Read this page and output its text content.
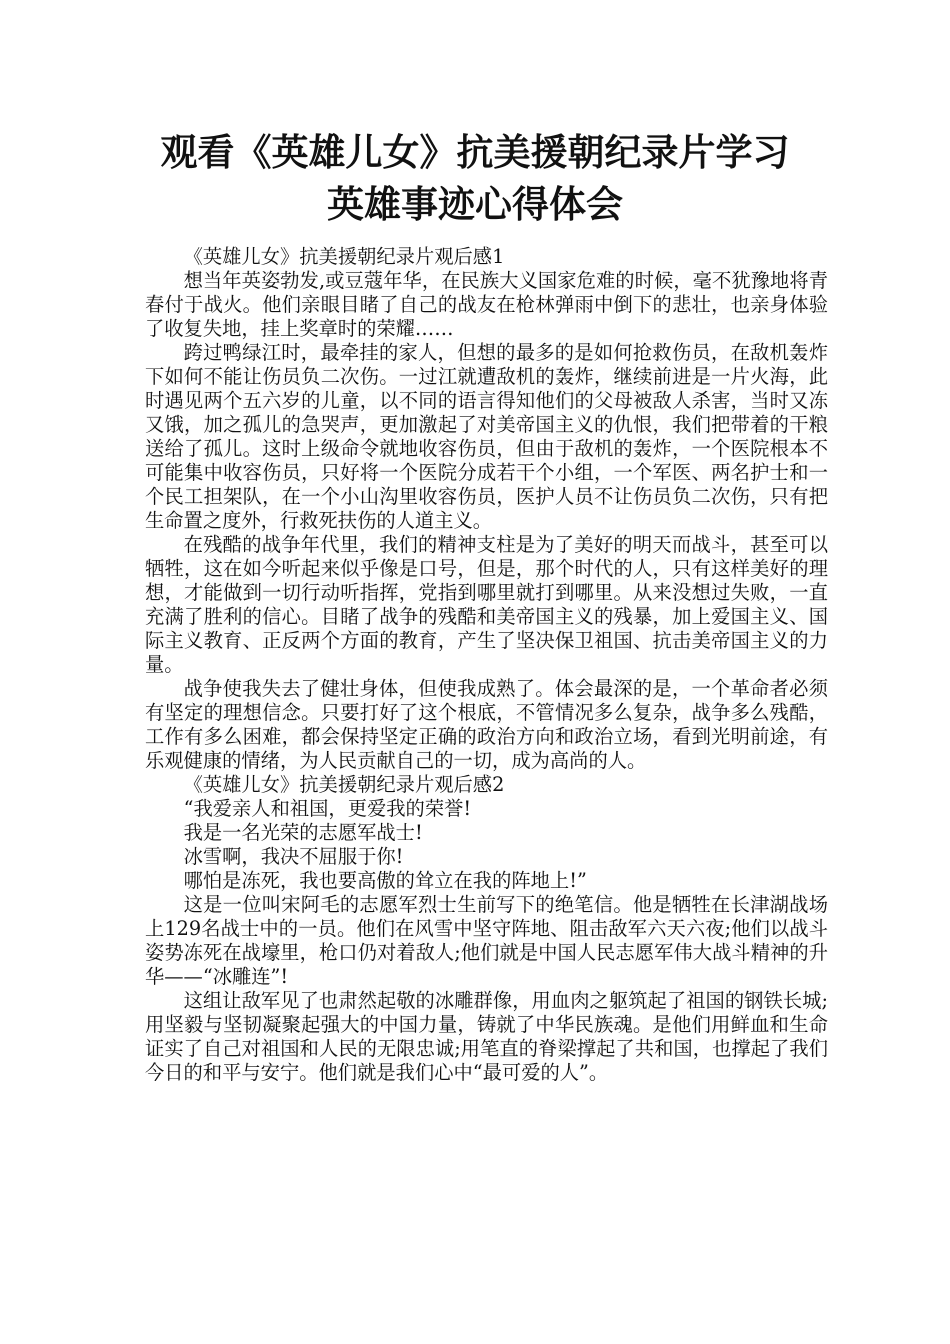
观看《英雄儿女》抗美援朝纪录片学习
英雄事迹心得体会

《英雄儿女》抗美援朝纪录片观后感1

想当年英姿勃发,或豆蔻年华，在民族大义国家危难的时候，毫不犹豫地将青春付于战火。他们亲眼目睹了自己的战友在枪林弹雨中倒下的悲壮，也亲身体验了收复失地，挂上奖章时的荣耀……

跨过鸭绿江时，最牵挂的家人，但想的最多的是如何抢救伤员，在敌机轰炸下如何不能让伤员负二次伤。一过江就遭敌机的轰炸，继续前进是一片火海，此时遇见两个五六岁的儿童，以不同的语言得知他们的父母被敌人杀害，当时又冻又饿，加之孤儿的急哭声，更加激起了对美帝国主义的仇恨，我们把带着的干粮送给了孤儿。这时上级命令就地收容伤员，但由于敌机的轰炸，一个医院根本不可能集中收容伤员，只好将一个医院分成若干个小组，一个军医、两名护士和一个民工担架队，在一个小山沟里收容伤员，医护人员不让伤员负二次伤，只有把生命置之度外，行救死扶伤的人道主义。

在残酷的战争年代里，我们的精神支柱是为了美好的明天而战斗，甚至可以牺牲，这在如今听起来似乎像是口号，但是，那个时代的人，只有这样美好的理想，才能做到一切行动听指挥，党指到哪里就打到哪里。从来没想过失败，一直充满了胜利的信心。目睹了战争的残酷和美帝国主义的残暴，加上爱国主义、国际主义教育、正反两个方面的教育，产生了坚决保卫祖国、抗击美帝国主义的力量。

战争使我失去了健壮身体，但使我成熟了。体会最深的是，一个革命者必须有坚定的理想信念。只要打好了这个根底，不管情况多么复杂，战争多么残酷，工作有多么困难，都会保持坚定正确的政治方向和政治立场，看到光明前途，有乐观健康的情绪，为人民贡献自己的一切，成为高尚的人。

《英雄儿女》抗美援朝纪录片观后感2

“我爱亲人和祖国，更爱我的荣誉!

我是一名光荣的志愿军战士!

冰雪啊，我决不屈服于你!

哪怕是冻死，我也要高傲的耸立在我的阵地上!”

这是一位叫宋阿毛的志愿军烈士生前写下的绝笔信。他是牺牲在长津湖战场上129名战士中的一员。他们在风雪中坚守阵地、阻击敌军六天六夜;他们以战斗姿势冻死在战壕里，枪口仍对着敌人;他们就是中国人民志愿军伟大战斗精神的升华——“冰雕连”!

这组让敌军见了也肃然起敬的冰雕群像，用血肉之躯筑起了祖国的钢铁长城;用坚毅与坚韧凝聚起强大的中国力量，铸就了中华民族魂。是他们用鲜血和生命证实了自己对祖国和人民的无限忠诚;用笔直的脊梁撑起了共和国，也撑起了我们今日的和平与安宁。他们就是我们心中“最可爱的人”。
